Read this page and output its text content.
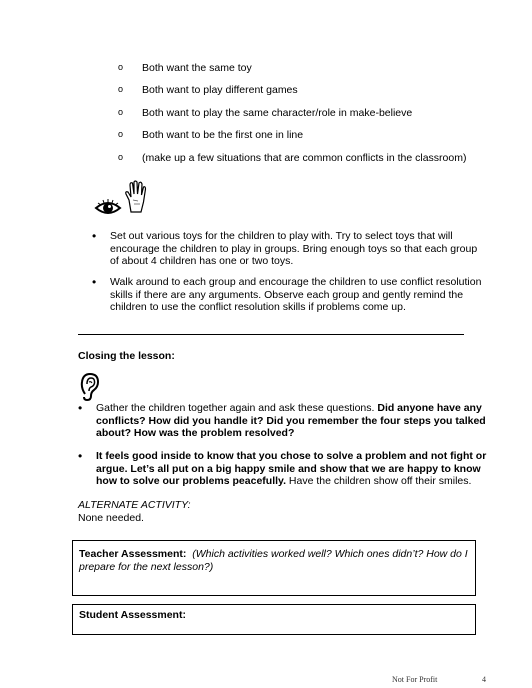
o Both want the same toy
o Both want to play different games
o Both want to play the same character/role in make-believe
o Both want to be the first one in line
o (make up a few situations that are common conflicts in the classroom)
• Set out various toys for the children to play with. Try to select toys that will
encourage the children to play in groups. Bring enough toys so that each group
of about 4 children has one or two toys.
• Walk around to each group and encourage the children to use conflict resolution
skills if there are any arguments. Observe each group and gently remind the
children to use the conflict resolution skills if problems come up.
Closing the lesson:
• Gather the children together again and ask these questions. Did anyone have any
conflicts? How did you handle it? Did you remember the four steps you talked
about? How was the problem resolved?
• It feels good inside to know that you chose to solve a problem and not fight or
argue. Let’s all put on a big happy smile and show that we are happy to know
how to solve our problems peacefully. Have the children show off their smiles.
ALTERNATE ACTIVITY:
None needed.
Teacher Assessment: (Which activities worked well? Which ones didn’t? How do I
prepare for the next lesson?)
Student Assessment:
Not For Profit	4
